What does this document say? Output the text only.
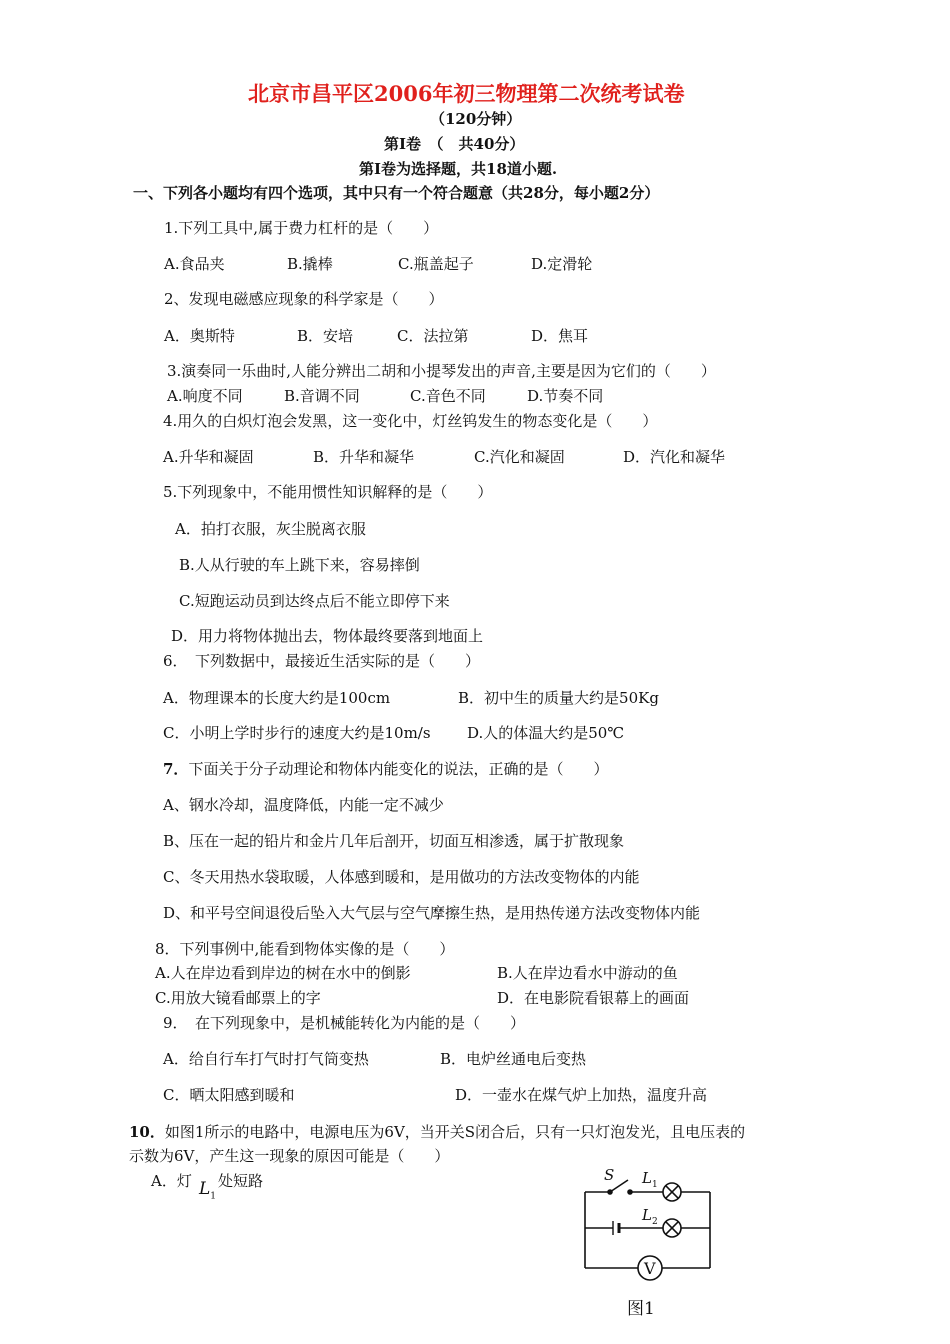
北京市昌平区2006年初三物理第二次统考试卷
（120分钟）
第Ⅰ卷　（　共40分）
第Ⅰ卷为选择题，共18道小题.
一、下列各小题均有四个选项，其中只有一个符合题意（共28分，每小题2分）
1.下列工具中,属于费力杠杆的是（　　）
A.食品夹	B.撬棒	C.瓶盖起子	D.定滑轮
2、发现电磁感应现象的科学家是（　　）
A．奥斯特	B．安培	C．法拉第	D．焦耳
3.演奏同一乐曲时,人能分辨出二胡和小提琴发出的声音,主要是因为它们的（　　）
A.响度不同	B.音调不同	C.音色不同	D.节奏不同
4.用久的白炽灯泡会发黑，这一变化中，灯丝钨发生的物态变化是（　　）
A.升华和凝固	B．升华和凝华	C.汽化和凝固	D．汽化和凝华
5.下列现象中，不能用惯性知识解释的是（　　）
A．拍打衣服，灰尘脱离衣服
B.人从行驶的车上跳下来，容易摔倒
C.短跑运动员到达终点后不能立即停下来
D．用力将物体抛出去，物体最终要落到地面上
6．　下列数据中，最接近生活实际的是（　　）
A．物理课本的长度大约是100cm	B．初中生的质量大约是50Kg
C．小明上学时步行的速度大约是10m/s D.人的体温大约是50℃
7．下面关于分子动理论和物体内能变化的说法，正确的是（　　）
A、钢水冷却，温度降低，内能一定不减少
B、压在一起的铅片和金片几年后剖开，切面互相渗透，属于扩散现象
C、冬天用热水袋取暖，人体感到暖和，是用做功的方法改变物体的内能
D、和平号空间退役后坠入大气层与空气摩擦生热，是用热传递方法改变物体内能
8．下列事例中,能看到物体实像的是（　　）
A.人在岸边看到岸边的树在水中的倒影	B.人在岸边看水中游动的鱼
C.用放大镜看邮票上的字	D．在电影院看银幕上的画面
9．　在下列现象中，是机械能转化为内能的是（　　）
A．给自行车打气时打气筒变热	B．电炉丝通电后变热
C．晒太阳感到暖和	D．一壶水在煤气炉上加热，温度升高
10．如图1所示的电路中，电源电压为6V，当开关S闭合后，只有一只灯泡发光，且电压表的
示数为6V，产生这一现象的原因可能是（　　）
A．灯 $L_1$
处短路	S L 1
L 2
V
图1
